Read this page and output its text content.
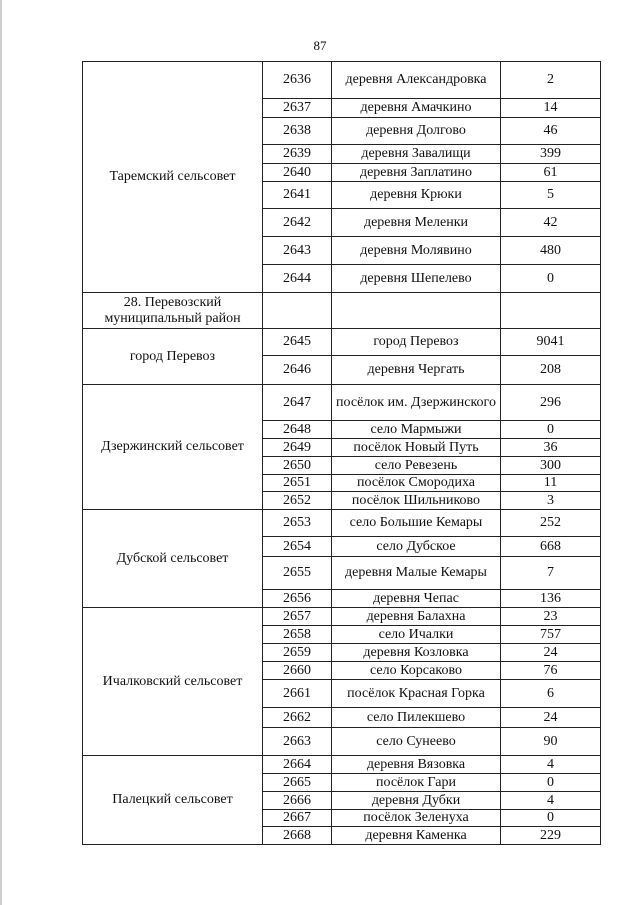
87
Таремский сельсовет	2636	деревня Александровка	2
	2637	деревня Амачкино	14
	2638	деревня Долгово	46
	2639	деревня Завалищи	399
	2640	деревня Заплатино	61
	2641	деревня Крюки	5
	2642	деревня Меленки	42
	2643	деревня Молявино	480
	2644	деревня Шепелево	0
28. Перевозский муниципальный район			
город Перевоз	2645	город Перевоз	9041
	2646	деревня Чергать	208
Дзержинский сельсовет	2647	посёлок им. Дзержинского	296
	2648	село Мармыжи	0
	2649	посёлок Новый Путь	36
	2650	село Ревезень	300
	2651	посёлок Смородиха	11
	2652	посёлок Шильниково	3
Дубской сельсовет	2653	село Большие Кемары	252
	2654	село Дубское	668
	2655	деревня Малые Кемары	7
	2656	деревня Чепас	136
Ичалковский сельсовет	2657	деревня Балахна	23
	2658	село Ичалки	757
	2659	деревня Козловка	24
	2660	село Корсаково	76
	2661	посёлок Красная Горка	6
	2662	село Пилекшево	24
	2663	село Сунеево	90
Палецкий сельсовет	2664	деревня Вязовка	4
	2665	посёлок Гари	0
	2666	деревня Дубки	4
	2667	посёлок Зеленуха	0
	2668	деревня Каменка	229
